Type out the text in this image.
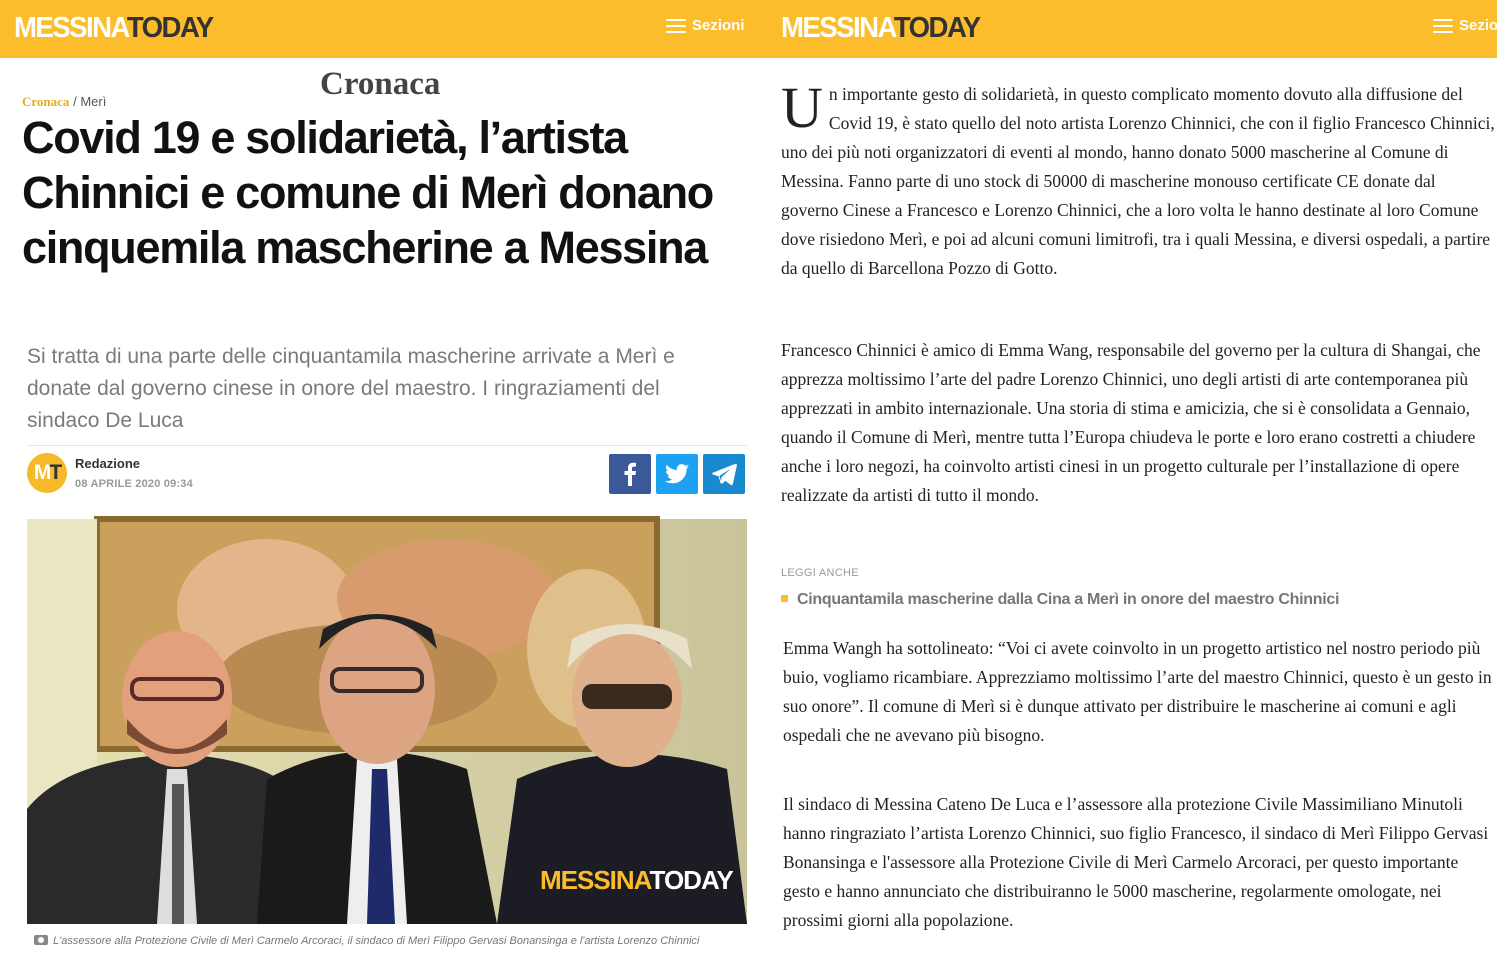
MESSINATODAY	Sezioni
Cronaca / Merì	Cronaca
Covid 19 e solidarietà, l’artista Chinnici e comune di Merì donano cinquemila mascherine a Messina

Si tratta di una parte delle cinquantamila mascherine arrivate a Merì e donate dal governo cinese in onore del maestro. I ringraziamenti del sindaco De Luca

M T Redazione
08 APRILE 2020 09:34
MESSINATODAY
L'assessore alla Protezione Civile di Merì Carmelo Arcoraci, il sindaco di Merì Filippo Gervasi Bonansinga e l'artista Lorenzo Chinnici
MESSINATODAY	Sezioni
Un importante gesto di solidarietà, in questo complicato momento dovuto alla diffusione del Covid 19, è stato quello del noto artista Lorenzo Chinnici, che con il figlio Francesco Chinnici, uno dei più noti organizzatori di eventi al mondo, hanno donato 5000 mascherine al Comune di Messina. Fanno parte di uno stock di 50000 di mascherine monouso certificate CE donate dal governo Cinese a Francesco e Lorenzo Chinnici, che a loro volta le hanno destinate al loro Comune dove risiedono Merì, e poi ad alcuni comuni limitrofi, tra i quali Messina, e diversi ospedali, a partire da quello di Barcellona Pozzo di Gotto.
Francesco Chinnici è amico di Emma Wang, responsabile del governo per la cultura di Shangai, che apprezza moltissimo l’arte del padre Lorenzo Chinnici, uno degli artisti di arte contemporanea più apprezzati in ambito internazionale. Una storia di stima e amicizia, che si è consolidata a Gennaio, quando il Comune di Merì, mentre tutta l’Europa chiudeva le porte e loro erano costretti a chiudere anche i loro negozi, ha coinvolto artisti cinesi in un progetto culturale per l’installazione di opere realizzate da artisti di tutto il mondo.
LEGGI ANCHE
Cinquantamila mascherine dalla Cina a Merì in onore del maestro Chinnici
Emma Wangh ha sottolineato: “Voi ci avete coinvolto in un progetto artistico nel nostro periodo più buio, vogliamo ricambiare. Apprezziamo moltissimo l’arte del maestro Chinnici, questo è un gesto in suo onore”. Il comune di Merì si è dunque attivato per distribuire le mascherine ai comuni e agli ospedali che ne avevano più bisogno.
Il sindaco di Messina Cateno De Luca e l’assessore alla protezione Civile Massimiliano Minutoli hanno ringraziato l’artista Lorenzo Chinnici, suo figlio Francesco, il sindaco di Merì Filippo Gervasi Bonansinga e l'assessore alla Protezione Civile di Merì Carmelo Arcoraci, per questo importante gesto e hanno annunciato che distribuiranno le 5000 mascherine, regolarmente omologate, nei prossimi giorni alla popolazione.
